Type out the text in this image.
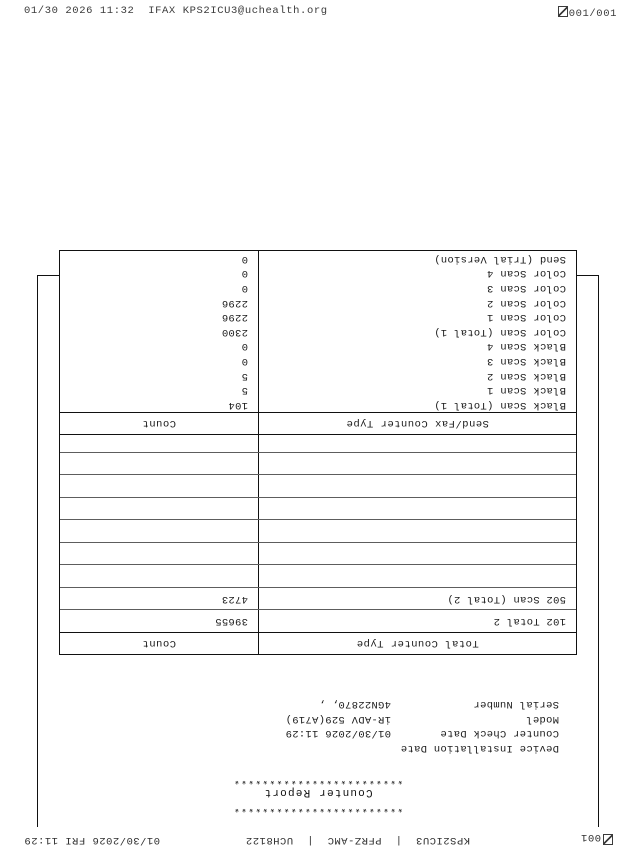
01/30 2026 11:32  IFAX KPS2ICU3@uchealth.org	001/001
001
KPS2ICU3  |  PFRZ-AMC  |  UCH8122
01/30/2026 FRI 11:29
************************
Counter Report
************************
Device Installation Date
Counter Check Date01/30/2026 11:29
ModeliR-ADV 529(A719)
Serial Number4GN22870, ,
Total Counter Type
Count
102 Total 2
39655
502 Scan (Total 2)
4723
Send/Fax Counter Type
Count
Black Scan (Total 1)
104
Black Scan 1
5
Black Scan 2
5
Black Scan 3
0
Black Scan 4
0
Color Scan (Total 1)
2300
Color Scan 1
2296
Color Scan 2
2296
Color Scan 3
0
Color Scan 4
0
Send (Trial Version)
0
